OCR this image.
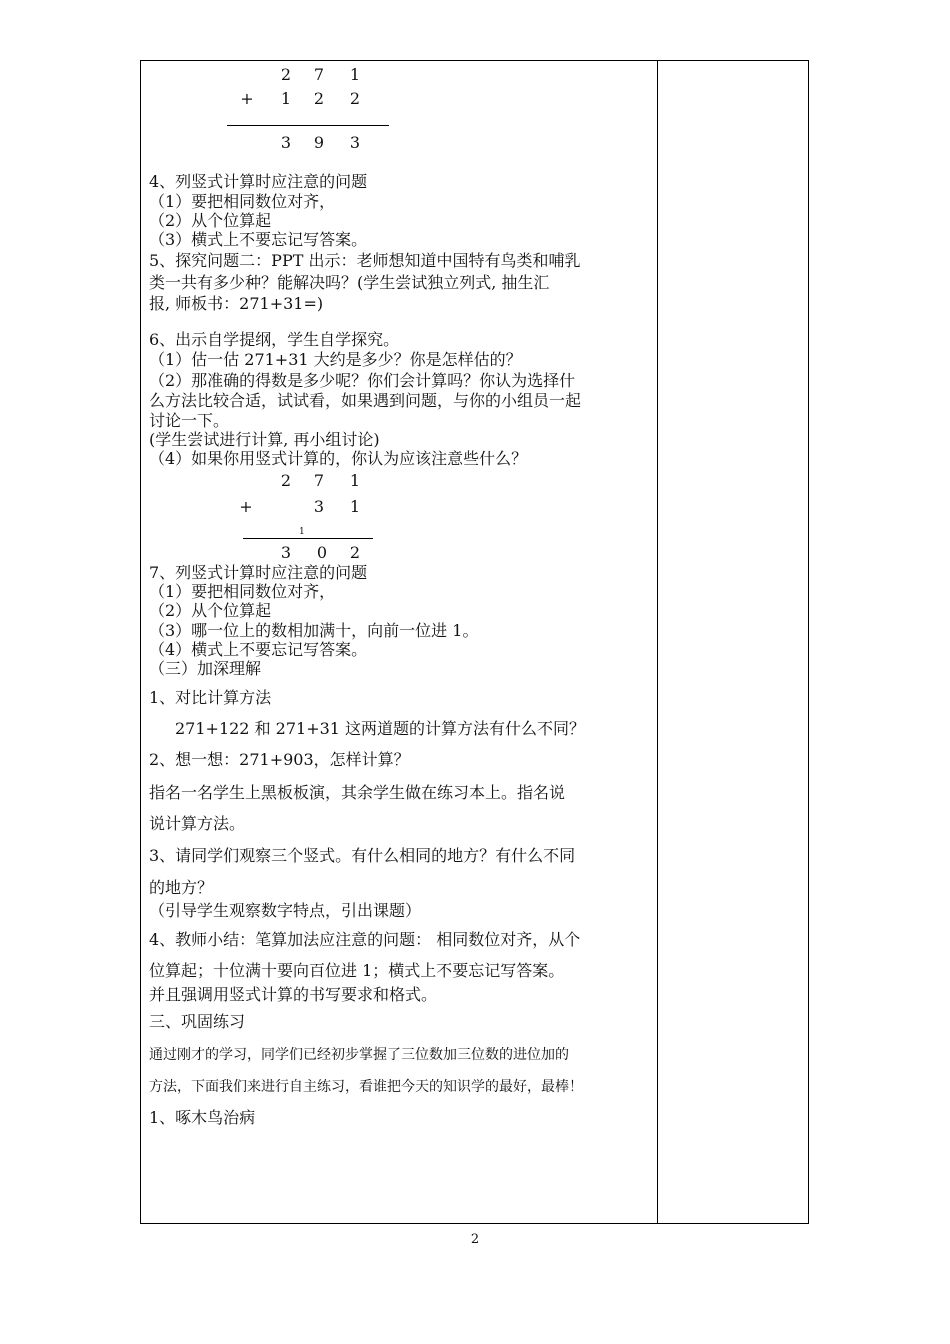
2 7 1
+ 1 2 2
3 9 3
4、列竖式计算时应注意的问题
（1）要把相同数位对齐，
（2）从个位算起
（3）横式上不要忘记写答案。
5、探究问题二：PPT 出示：老师想知道中国特有鸟类和哺乳
类一共有多少种？能解决吗？(学生尝试独立列式, 抽生汇
报, 师板书：271+31=)
6、出示自学提纲，学生自学探究。
（1）估一估 271+31 大约是多少？你是怎样估的？
（2）那准确的得数是多少呢？你们会计算吗？你认为选择什
么方法比较合适，试试看，如果遇到问题，与你的小组员一起
讨论一下。
(学生尝试进行计算, 再小组讨论)
（4）如果你用竖式计算的，你认为应该注意些什么？
2 7 1
+	3 1
1
3 0 2
7、列竖式计算时应注意的问题
（1）要把相同数位对齐，
（2）从个位算起
（3）哪一位上的数相加满十，向前一位进 1。
（4）横式上不要忘记写答案。
（三）加深理解
1、对比计算方法
271+122 和 271+31 这两道题的计算方法有什么不同？
2、想一想：271+903，怎样计算？
指名一名学生上黑板板演，其余学生做在练习本上。指名说
说计算方法。
3、请同学们观察三个竖式。有什么相同的地方？有什么不同
的地方？
（引导学生观察数字特点，引出课题）
4、教师小结：笔算加法应注意的问题： 相同数位对齐，从个
位算起；十位满十要向百位进 1；横式上不要忘记写答案。
并且强调用竖式计算的书写要求和格式。
三、巩固练习
通过刚才的学习，同学们已经初步掌握了三位数加三位数的进位加的
方法，下面我们来进行自主练习，看谁把今天的知识学的最好，最棒！
1、啄木鸟治病
2
